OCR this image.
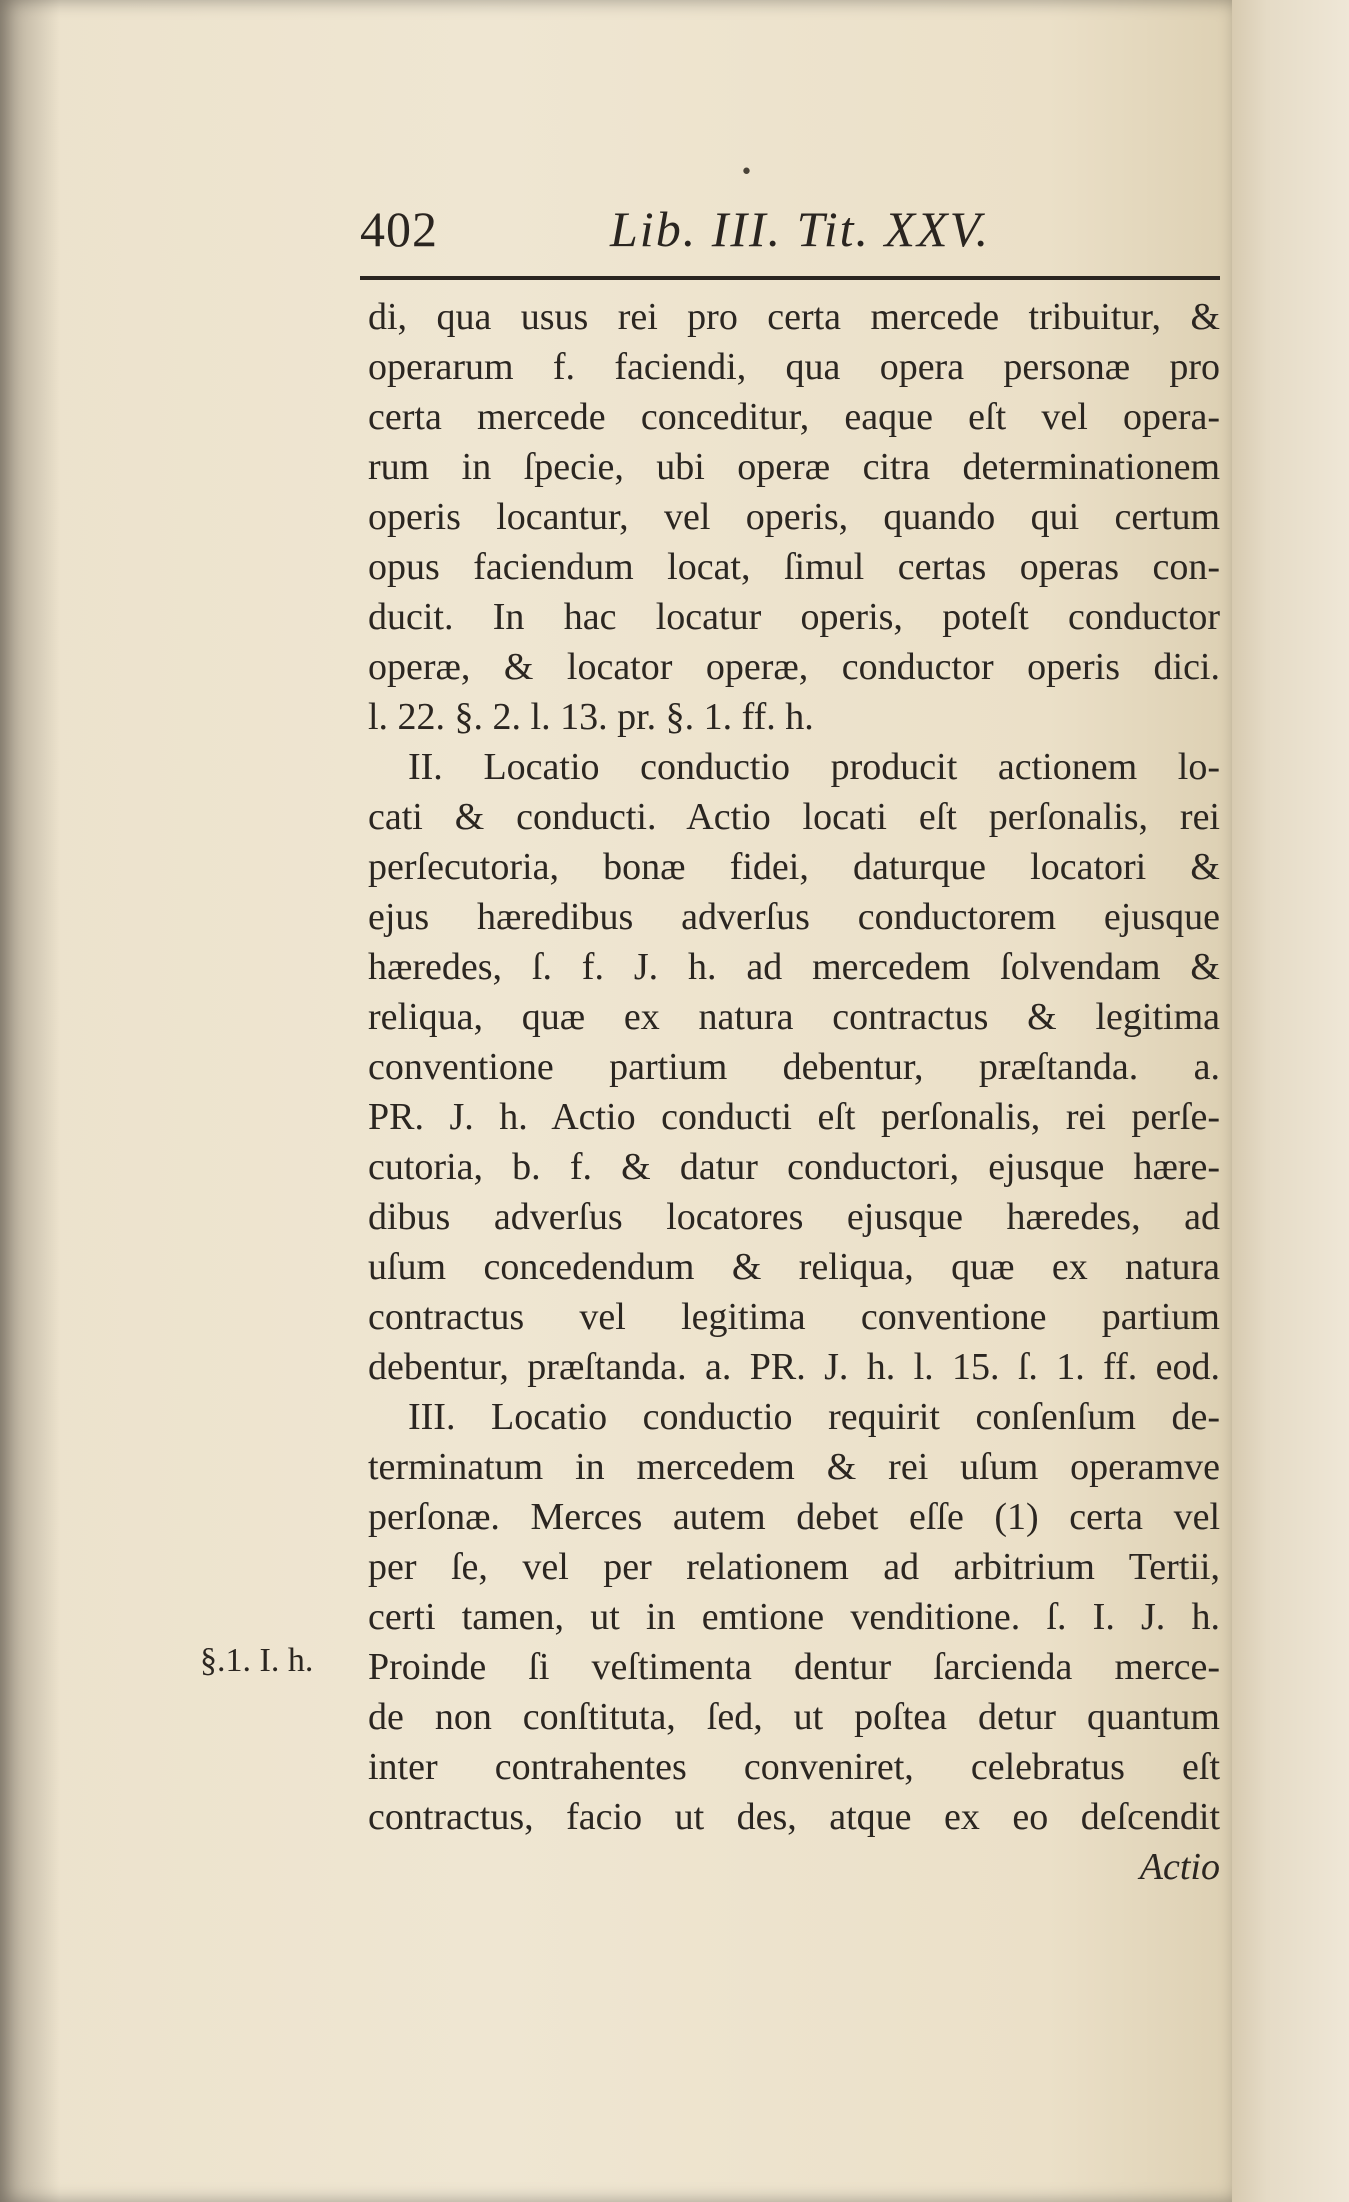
402	Lib. III. Tit. XXV.
•
di, qua usus rei pro certa mercede tribuitur, &
operarum f. faciendi, qua opera personæ pro
certa mercede conceditur, eaque eſt vel opera-
rum in ſpecie, ubi operæ citra determinationem
operis locantur, vel operis, quando qui certum
opus faciendum locat, ſimul certas operas con-
ducit. In hac locatur operis, poteſt conductor
operæ, & locator operæ, conductor operis dici.
l. 22. §. 2. l. 13. pr. §. 1. ff. h.
II. Locatio conductio producit actionem lo-
cati & conducti. Actio locati eſt perſonalis, rei
perſecutoria, bonæ fidei, daturque locatori &
ejus hæredibus adverſus conductorem ejusque
hæredes, ſ. f. J. h. ad mercedem ſolvendam &
reliqua, quæ ex natura contractus & legitima
conventione partium debentur, præſtanda. a.
PR. J. h. Actio conducti eſt perſonalis, rei perſe-
cutoria, b. f. & datur conductori, ejusque hære-
dibus adverſus locatores ejusque hæredes, ad
uſum concedendum & reliqua, quæ ex natura
contractus vel legitima conventione partium
debentur, præſtanda. a. PR. J. h. l. 15. ſ. 1. ff. eod.
III. Locatio conductio requirit conſenſum de-
terminatum in mercedem & rei uſum operamve
perſonæ. Merces autem debet eſſe (1) certa vel
per ſe, vel per relationem ad arbitrium Tertii,
certi tamen, ut in emtione venditione. ſ. I. J. h.
Proinde ſi veſtimenta dentur ſarcienda merce-
de non conſtituta, ſed, ut poſtea detur quantum
inter contrahentes conveniret, celebratus eſt
contractus, facio ut des, atque ex eo deſcendit
Actio
§.1. I. h.
